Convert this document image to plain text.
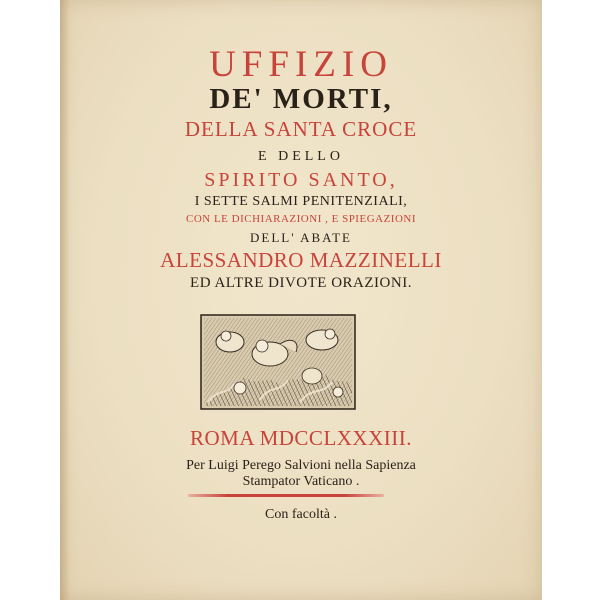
UFFIZIO
DE' MORTI,
DELLA SANTA CROCE
E DELLO
SPIRITO SANTO,
I SETTE SALMI PENITENZIALI,
CON LE DICHIARAZIONI , E SPIEGAZIONI
DELL' ABATE
ALESSANDRO MAZZINELLI
ED ALTRE DIVOTE ORAZIONI.
ROMA MDCCLXXXIII.
Per Luigi Perego Salvioni nella Sapienza
Stampator Vaticano .
Con facoltà .
